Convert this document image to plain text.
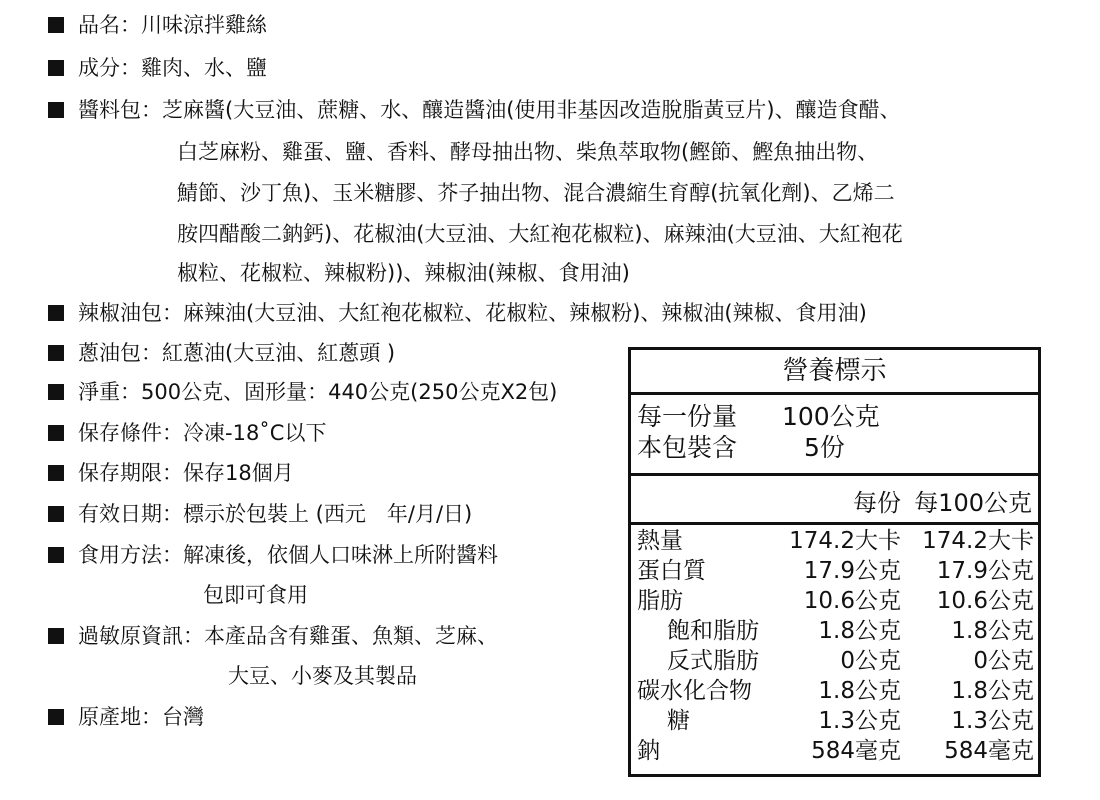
品名：川味涼拌雞絲
成分：雞肉、水、鹽
醬料包：芝麻醬(大豆油、蔗糖、水、釀造醬油(使用非基因改造脫脂黃豆片)、釀造食醋、
白芝麻粉、雞蛋、鹽、香料、酵母抽出物、柴魚萃取物(鰹節、鰹魚抽出物、
鯖節、沙丁魚)、玉米糖膠、芥子抽出物、混合濃縮生育醇(抗氧化劑)、乙烯二
胺四醋酸二鈉鈣)、花椒油(大豆油、大紅袍花椒粒)、麻辣油(大豆油、大紅袍花
椒粒、花椒粒、辣椒粉))、辣椒油(辣椒、食用油)
辣椒油包：麻辣油(大豆油、大紅袍花椒粒、花椒粒、辣椒粉)、辣椒油(辣椒、食用油)
蔥油包：紅蔥油(大豆油、紅蔥頭 )
淨重：500公克、固形量：440公克(250公克X2包)
保存條件：冷凍-18˚C以下
保存期限：保存18個月
有效日期：標示於包裝上 (西元　年/月/日)
食用方法：解凍後，依個人口味淋上所附醬料
包即可食用
過敏原資訊：本產品含有雞蛋、魚類、芝麻、
大豆、小麥及其製品
原產地：台灣
營養標示
每一份量 100公克
本包裝含	5份
每份 每100公克
熱量	174.2大卡 174.2大卡
蛋白質	17.9公克 17.9公克
脂肪	10.6公克 10.6公克
飽和脂肪	1.8公克 1.8公克
反式脂肪	0公克	0公克
碳水化合物	1.8公克 1.8公克
糖	1.3公克 1.3公克
鈉	584毫克 584毫克
